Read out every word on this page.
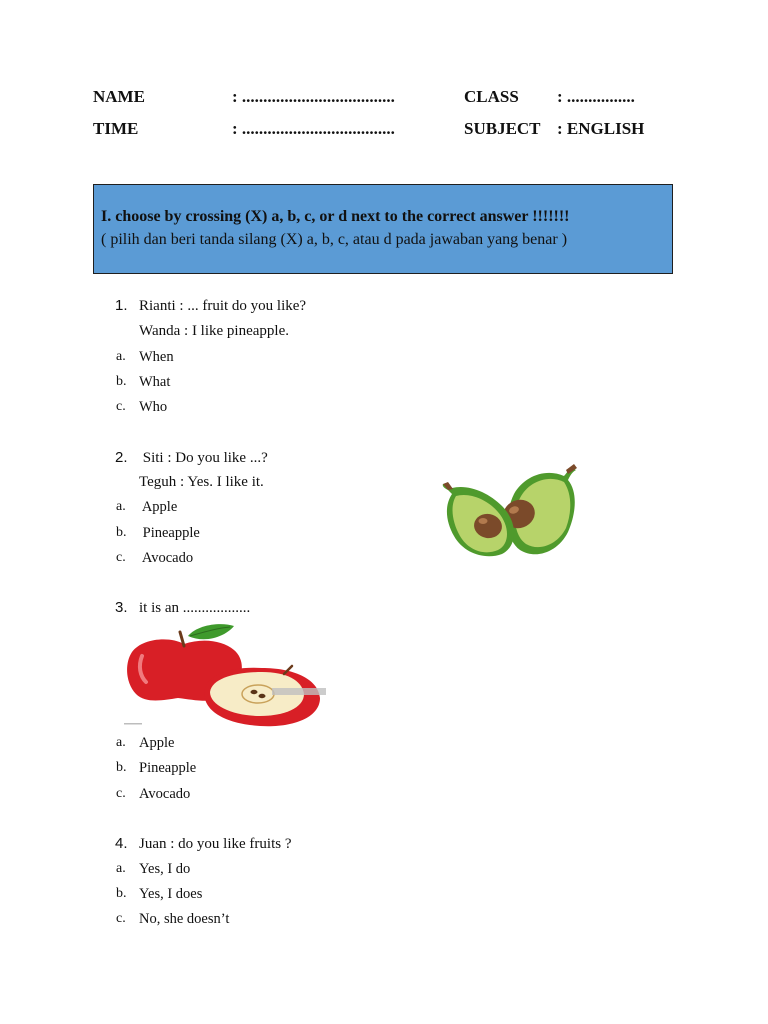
NAME	: ....................................	CLASS : ................
TIME	: ....................................	SUBJECT : ENGLISH
I. choose by crossing (X) a, b, c, or d next to the correct answer !!!!!!!
( pilih dan beri tanda silang (X) a, b, c, atau d pada jawaban yang benar )
1. Rianti : ... fruit do you like?
Wanda : I like pineapple.
a. When
b. What
c. Who
2. Siti : Do you like ...?
Teguh : Yes. I like it.
a. Apple
b. Pineapple
c. Avocado
3. it is an ..................
a. Apple
b. Pineapple
c. Avocado
4. Juan : do you like fruits ?
a. Yes, I do
b. Yes, I does
c. No, she doesn’t
